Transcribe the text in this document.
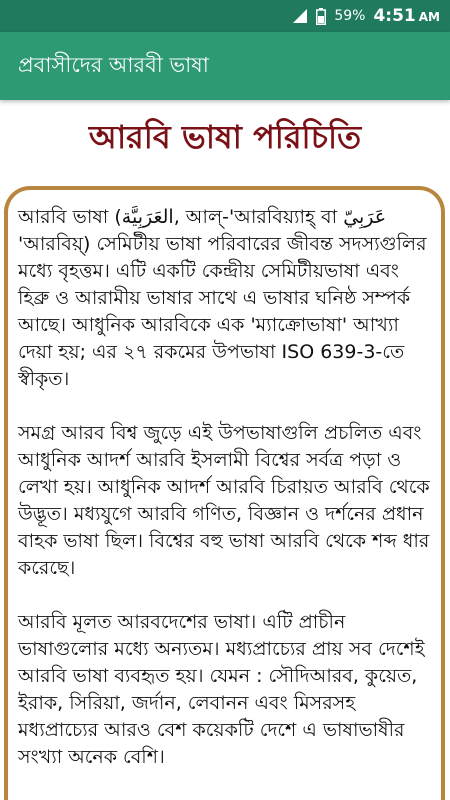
59% 4:51 AM
প্রবাসীদের আরবী ভাষা
আরবি ভাষা পরিচিতি

আরবি ভাষা (العَرَبِيَّة, আল্-'আরবিয়্যাহ্ বা عَرَبِيّ 'আরবিয়্) সেমিটীয় ভাষা পরিবারের জীবন্ত সদস্যগুলির মধ্যে বৃহত্তম। এটি একটি কেন্দ্রীয় সেমিটীয়ভাষা এবং হিব্রু ও আরামীয় ভাষার সাথে এ ভাষার ঘনিষ্ঠ সম্পর্ক আছে। আধুনিক আরবিকে এক 'ম্যাক্রোভাষা' আখ্যা দেয়া হয়; এর ২৭ রকমের উপভাষা ISO 639-3-তে স্বীকৃত।

সমগ্র আরব বিশ্ব জুড়ে এই উপভাষাগুলি প্রচলিত এবং আধুনিক আদর্শ আরবি ইসলামী বিশ্বের সর্বত্র পড়া ও লেখা হয়। আধুনিক আদর্শ আরবি চিরায়ত আরবি থেকে উদ্ভূত। মধ্যযুগে আরবি গণিত, বিজ্ঞান ও দর্শনের প্রধান বাহক ভাষা ছিল। বিশ্বের বহু ভাষা আরবি থেকে শব্দ ধার করেছে।

আরবি মূলত আরবদেশের ভাষা। এটি প্রাচীন ভাষাগুলোর মধ্যে অন্যতম। মধ্যপ্রাচ্যের প্রায় সব দেশেই আরবি ভাষা ব্যবহৃত হয়। যেমন : সৌদিআরব, কুয়েত, ইরাক, সিরিয়া, জর্দান, লেবানন এবং মিসরসহ মধ্যপ্রাচ্যের আরও বেশ কয়েকটি দেশে এ ভাষাভাষীর সংখ্যা অনেক বেশি।
